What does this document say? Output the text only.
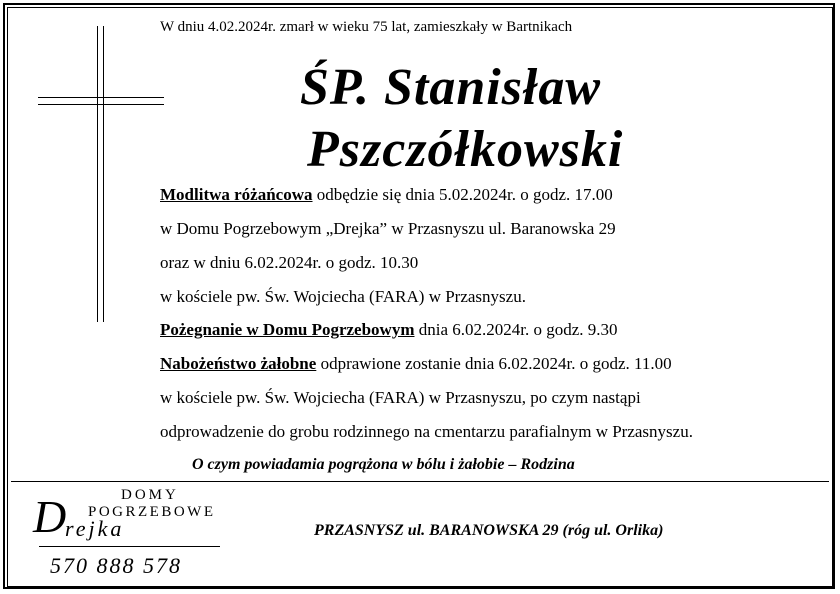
W dniu 4.02.2024r. zmarł w wieku 75 lat, zamieszkały w Bartnikach
ŚP. Stanisław
Pszczółkowski
Modlitwa różańcowa odbędzie się dnia 5.02.2024r. o godz. 17.00
w Domu Pogrzebowym „Drejka” w Przasnyszu ul. Baranowska 29
oraz w dniu 6.02.2024r. o godz. 10.30
w kościele pw. Św. Wojciecha (FARA) w Przasnyszu.
Pożegnanie w Domu Pogrzebowym dnia 6.02.2024r. o godz. 9.30
Nabożeństwo żałobne odprawione zostanie dnia 6.02.2024r. o godz. 11.00
w kościele pw. Św. Wojciecha (FARA) w Przasnyszu, po czym nastąpi
odprowadzenie do grobu rodzinnego na cmentarzu parafialnym w Przasnyszu.
O czym powiadamia pogrążona w bólu i żałobie – Rodzina
DOMY
POGRZEBOWE
D
rejka
570 888 578
PRZASNYSZ ul. BARANOWSKA 29 (róg ul. Orlika)
